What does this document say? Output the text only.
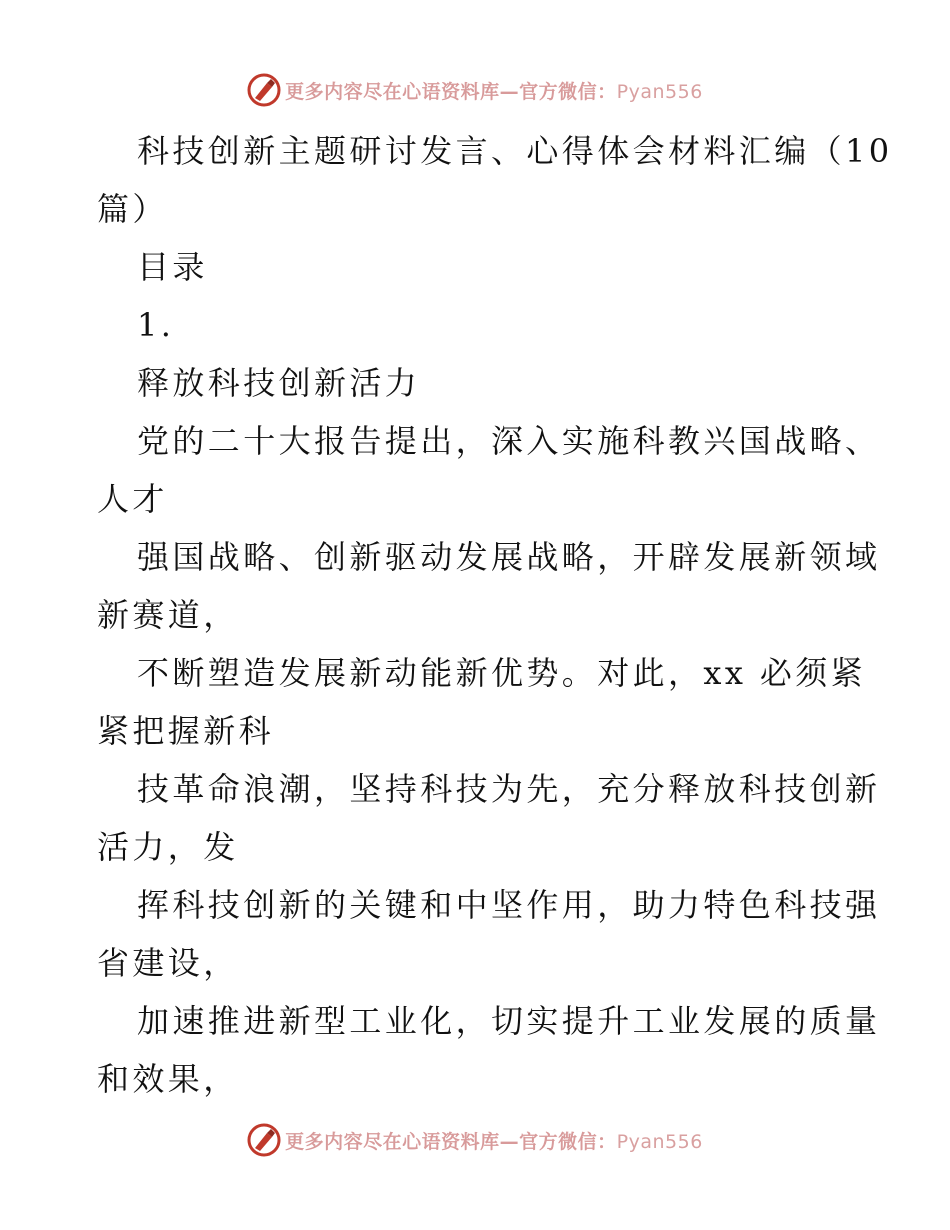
更多内容尽在心语资料库—官方微信：Pyan556

科技创新主题研讨发言、心得体会材料汇编（10

篇）

目录

1.

释放科技创新活力

党的二十大报告提出，深入实施科教兴国战略、

人才

强国战略、创新驱动发展战略，开辟发展新领域

新赛道，

不断塑造发展新动能新优势。对此，xx 必须紧

紧把握新科

技革命浪潮，坚持科技为先，充分释放科技创新

活力，发

挥科技创新的关键和中坚作用，助力特色科技强

省建设，

加速推进新型工业化，切实提升工业发展的质量

和效果，

更多内容尽在心语资料库—官方微信：Pyan556
